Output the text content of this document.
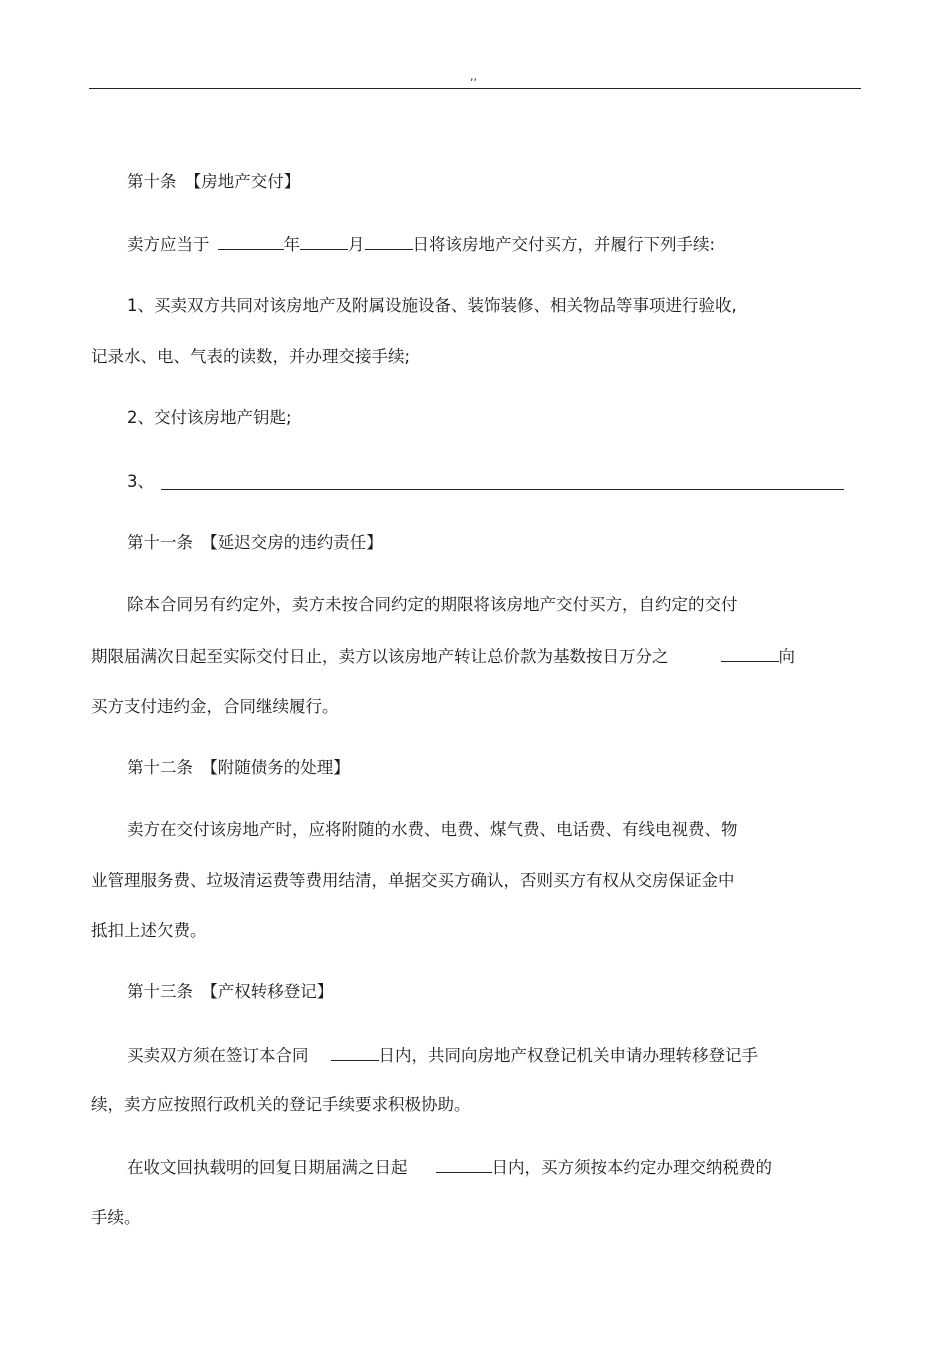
,,
第十条　【房地产交付】
卖方应当于	年	月	日将该房地产交付买方，并履行下列手续:
1、买卖双方共同对该房地产及附属设施设备、装饰装修、相关物品等事项进行验收,
记录水、电、气表的读数，并办理交接手续;
2、交付该房地产钥匙;
3、
第十一条　【延迟交房的违约责任】
除本合同另有约定外，卖方未按合同约定的期限将该房地产交付买方，自约定的交付
期限届满次日起至实际交付日止，卖方以该房地产转让总价款为基数按日万分之	向
买方支付违约金，合同继续履行。
第十二条　【附随债务的处理】
卖方在交付该房地产时，应将附随的水费、电费、煤气费、电话费、有线电视费、物
业管理服务费、垃圾清运费等费用结清，单据交买方确认，否则买方有权从交房保证金中
抵扣上述欠费。
第十三条　【产权转移登记】
买卖双方须在签订本合同	日内，共同向房地产权登记机关申请办理转移登记手
续，卖方应按照行政机关的登记手续要求积极协助。
在收文回执载明的回复日期届满之日起	日内，买方须按本约定办理交纳税费的
手续。
